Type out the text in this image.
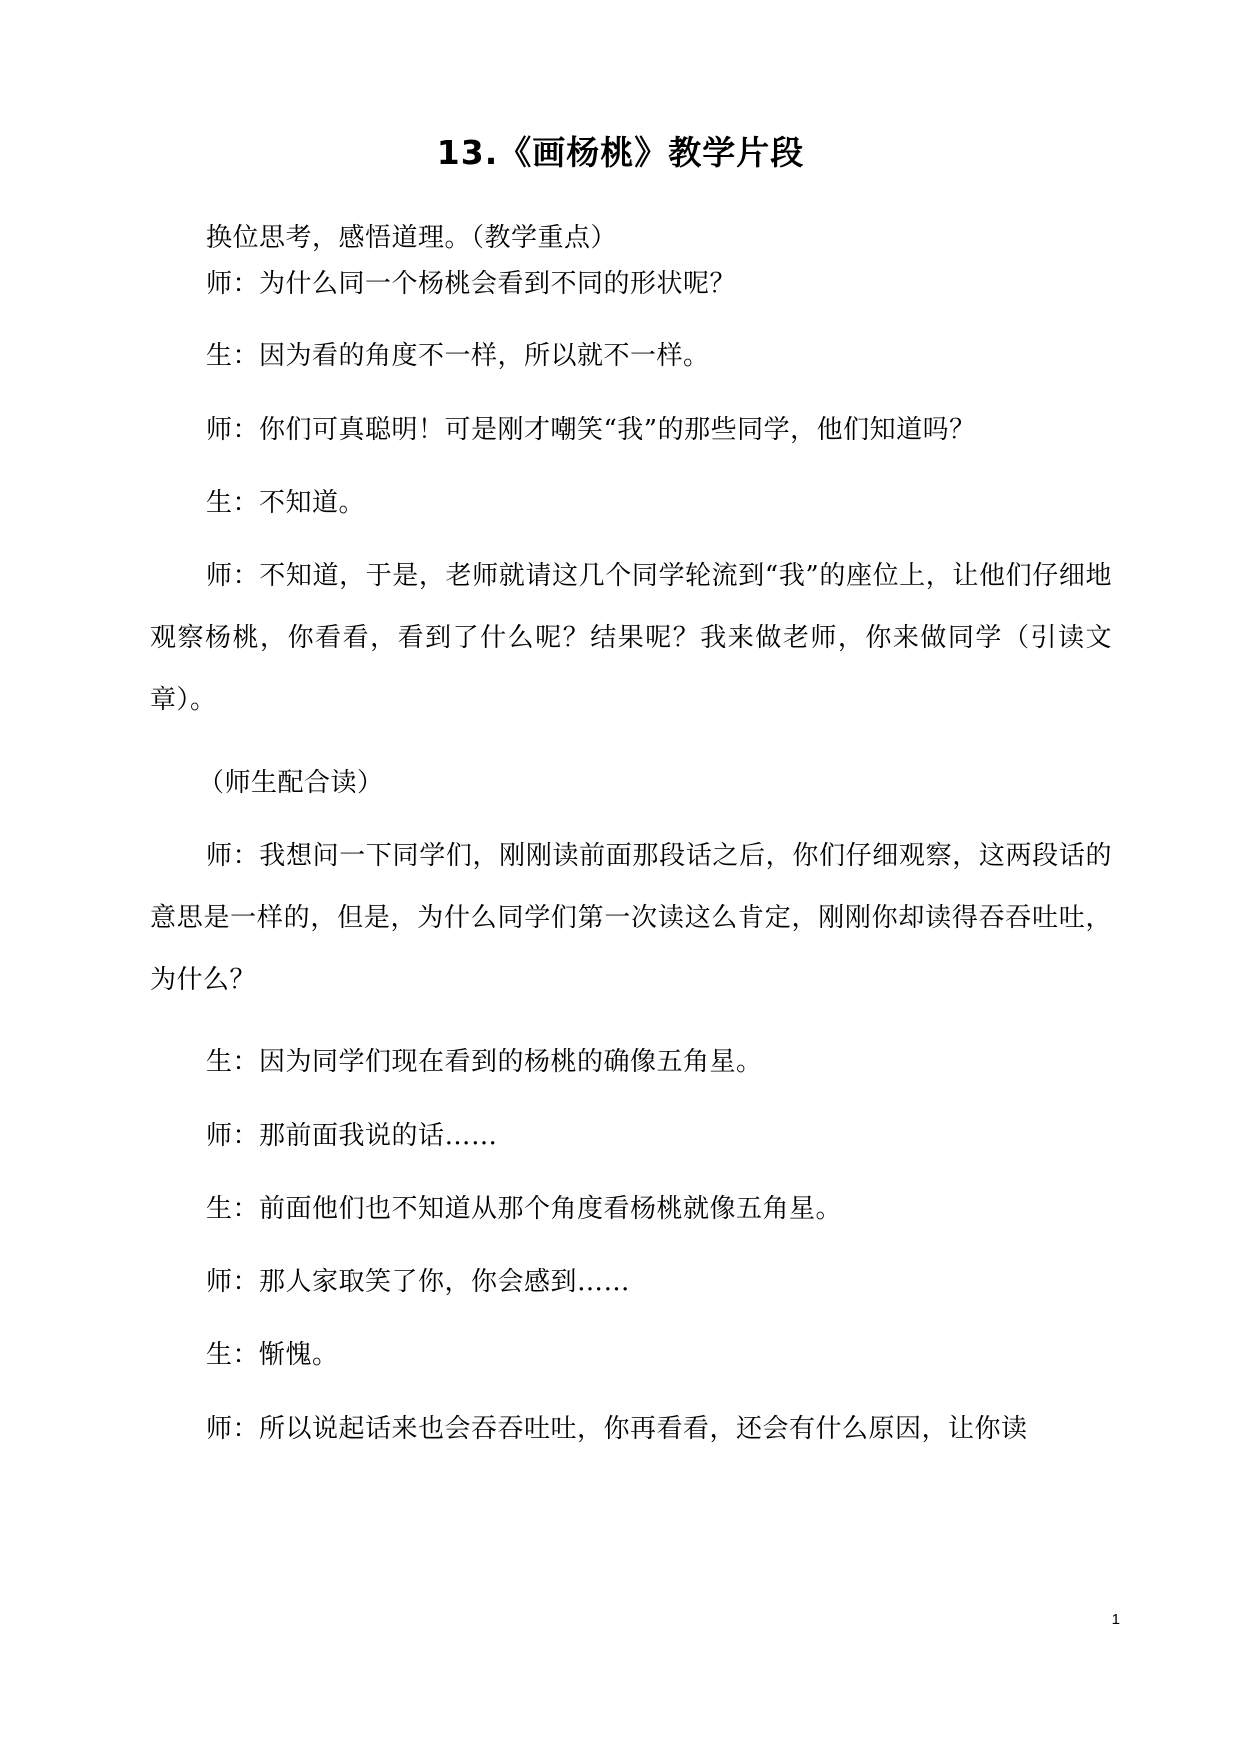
13.《画杨桃》教学片段

换位思考，感悟道理。（教学重点）

师：为什么同一个杨桃会看到不同的形状呢？

生：因为看的角度不一样，所以就不一样。

师：你们可真聪明！可是刚才嘲笑“我”的那些同学，他们知道吗？

生：不知道。

师：不知道，于是，老师就请这几个同学轮流到“我”的座位上，让他们仔细地观察杨桃，你看看，看到了什么呢？结果呢？我来做老师，你来做同学（引读文章）。

（师生配合读）

师：我想问一下同学们，刚刚读前面那段话之后，你们仔细观察，这两段话的意思是一样的，但是，为什么同学们第一次读这么肯定，刚刚你却读得吞吞吐吐，为什么？

生：因为同学们现在看到的杨桃的确像五角星。

师：那前面我说的话……

生：前面他们也不知道从那个角度看杨桃就像五角星。

师：那人家取笑了你，你会感到……

生：惭愧。

师：所以说起话来也会吞吞吐吐，你再看看，还会有什么原因，让你读

1
